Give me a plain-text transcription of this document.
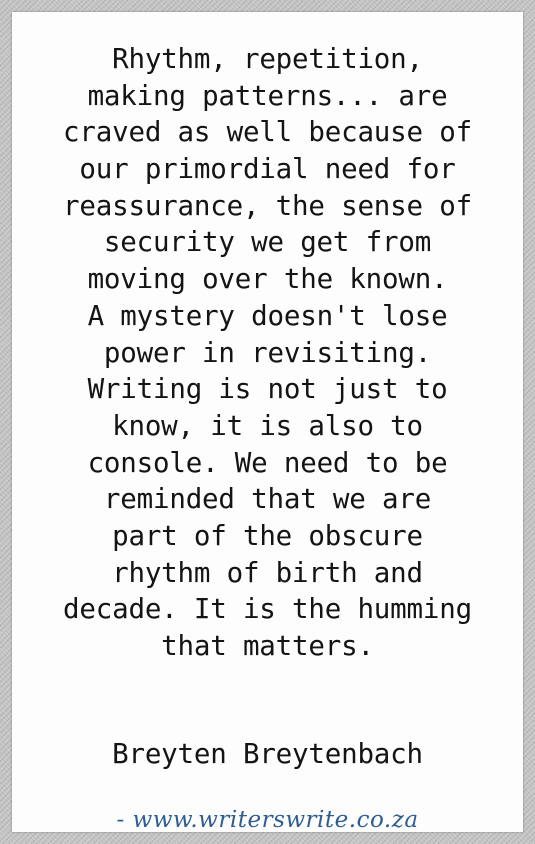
Rhythm, repetition,
making patterns... are
craved as well because of
our primordial need for
reassurance, the sense of
security we get from
moving over the known.
A mystery doesn't lose
power in revisiting.
Writing is not just to
know, it is also to
console. We need to be
reminded that we are
part of the obscure
rhythm of birth and
decade. It is the humming
that matters.
Breyten Breytenbach
- www.writerswrite.co.za
